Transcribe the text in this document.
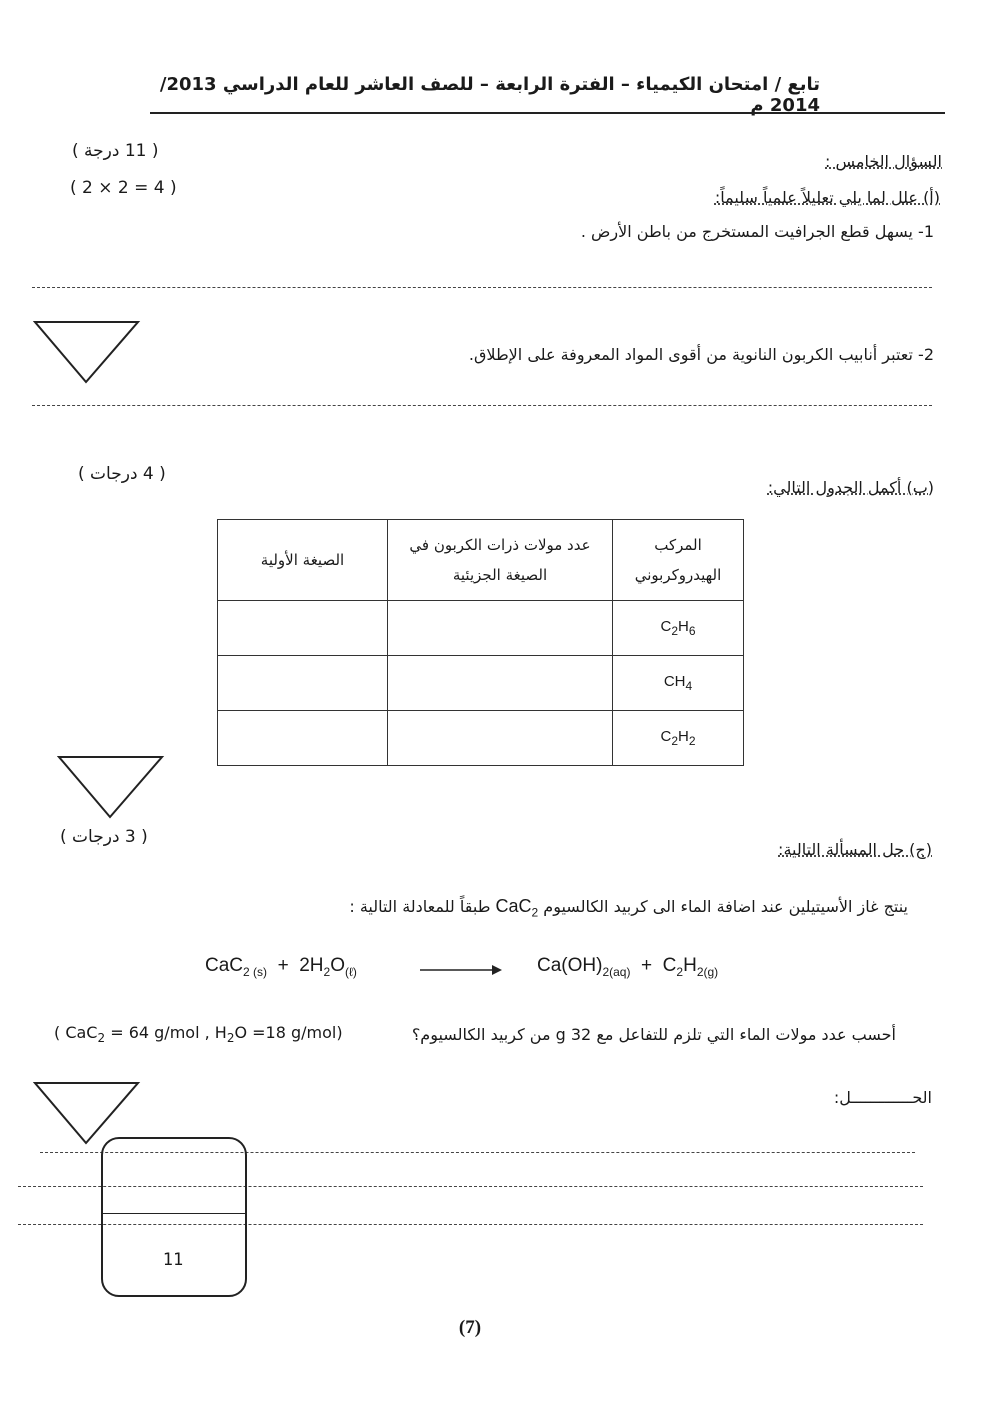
تابع / امتحان الكيمياء – الفترة الرابعة – للصف العاشر للعام الدراسي 2013/ 2014 م
( 11 درجة )
( 2 × 2 = 4 )
السؤال الخامس :
(أ) علل لما يلي تعليلاً علمياً سليماً:
1- يسهل قطع الجرافيت المستخرج من باطن الأرض .
2- تعتبر أنابيب الكربون النانوية من أقوى المواد المعروفة على الإطلاق.
( 4 درجات )
(ب) أكمل الجدول التالي:
المركب الهيدروكربوني	عدد مولات ذرات الكربون في الصيغة الجزيئية	الصيغة الأولية
$C_2H_6$		
$CH_4$		
$C_2H_2$		
( 3 درجات )
(ج) حل المسألة التالية:
ينتج غاز الأسيتيلين عند اضافة الماء الى كربيد الكالسيوم CaC$_2$ طبقاً للمعادلة التالية :
$CaC_{2 (s)} + 2H_2O_{(\ell)}$	$Ca(OH)_{2(aq)} + C_2H_{2(g)}$
أحسب عدد مولات الماء التي تلزم للتفاعل مع g 32 من كربيد الكالسيوم؟
( CaC$_2$ = 64 g/mol , $H_2O =18$ g/mol)
الحـــــــــــــل:
11
(7)
